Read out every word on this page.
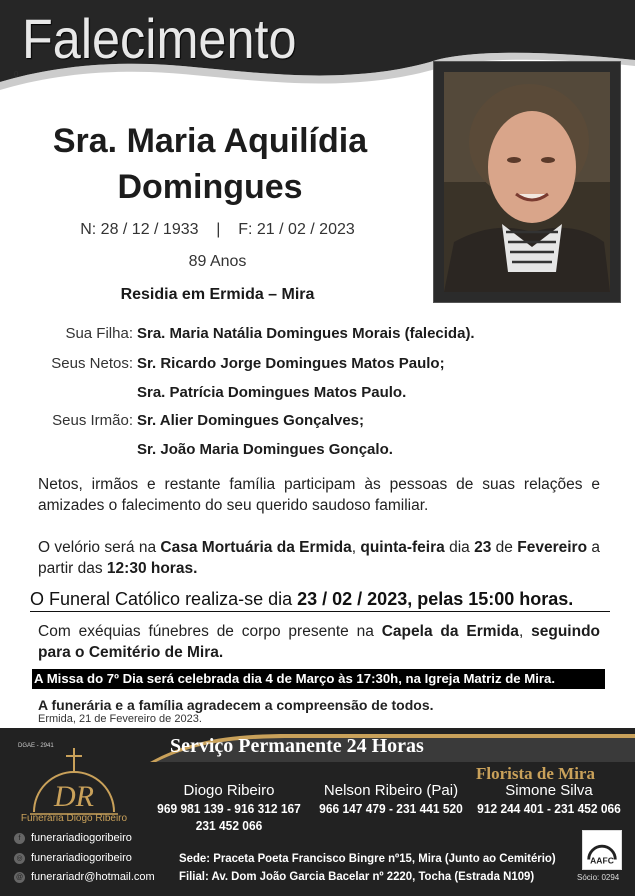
Falecimento
0
Sra. Maria Aquilídia
Domingues
N: 28 / 12 / 1933    |    F: 21 / 02 / 2023
89 Anos
Residia em Ermida – Mira
Sua Filha: Sra. Maria Natália Domingues Morais (falecida).
Seus Netos: Sr. Ricardo Jorge Domingues Matos Paulo;
Sra. Patrícia Domingues Matos Paulo.
Seus Irmão: Sr. Alier Domingues Gonçalves;
Sr. João Maria Domingues Gonçalo.
Netos, irmãos e restante família participam às pessoas de suas relações e amizades o falecimento do seu querido saudoso familiar.
O velório será na Casa Mortuária da Ermida, quinta-feira dia 23 de Fevereiro a partir das 12:30 horas.
O Funeral Católico realiza-se dia 23 / 02 / 2023, pelas 15:00 horas.
Com exéquias fúnebres de corpo presente na Capela da Ermida, seguindo para o Cemitério de Mira.
A Missa do 7º Dia será celebrada dia 4 de Março às 17:30h, na Igreja Matriz de Mira.
A funerária e a família agradecem a compreensão de todos.
Ermida, 21 de Fevereiro de 2023.
Serviço Permanente 24 Horas
DGAE - 2941
DR
Funerária Diogo Ribeiro
f funerariadiogoribeiro
◎ funerariadiogoribeiro
@ funerariadr@hotmail.com
Diogo Ribeiro
969 981 139 - 916 312 167
231 452 066
Nelson Ribeiro (Pai)
966 147 479 - 231 441 520
Simone Silva
912 244 401 - 231 452 066
Florista de Mira
Sede: Praceta Poeta Francisco Bingre nº15, Mira (Junto ao Cemitério)
Filial: Av. Dom João Garcia Bacelar nº 2220, Tocha (Estrada N109)
AAFC
Sócio: 0294
